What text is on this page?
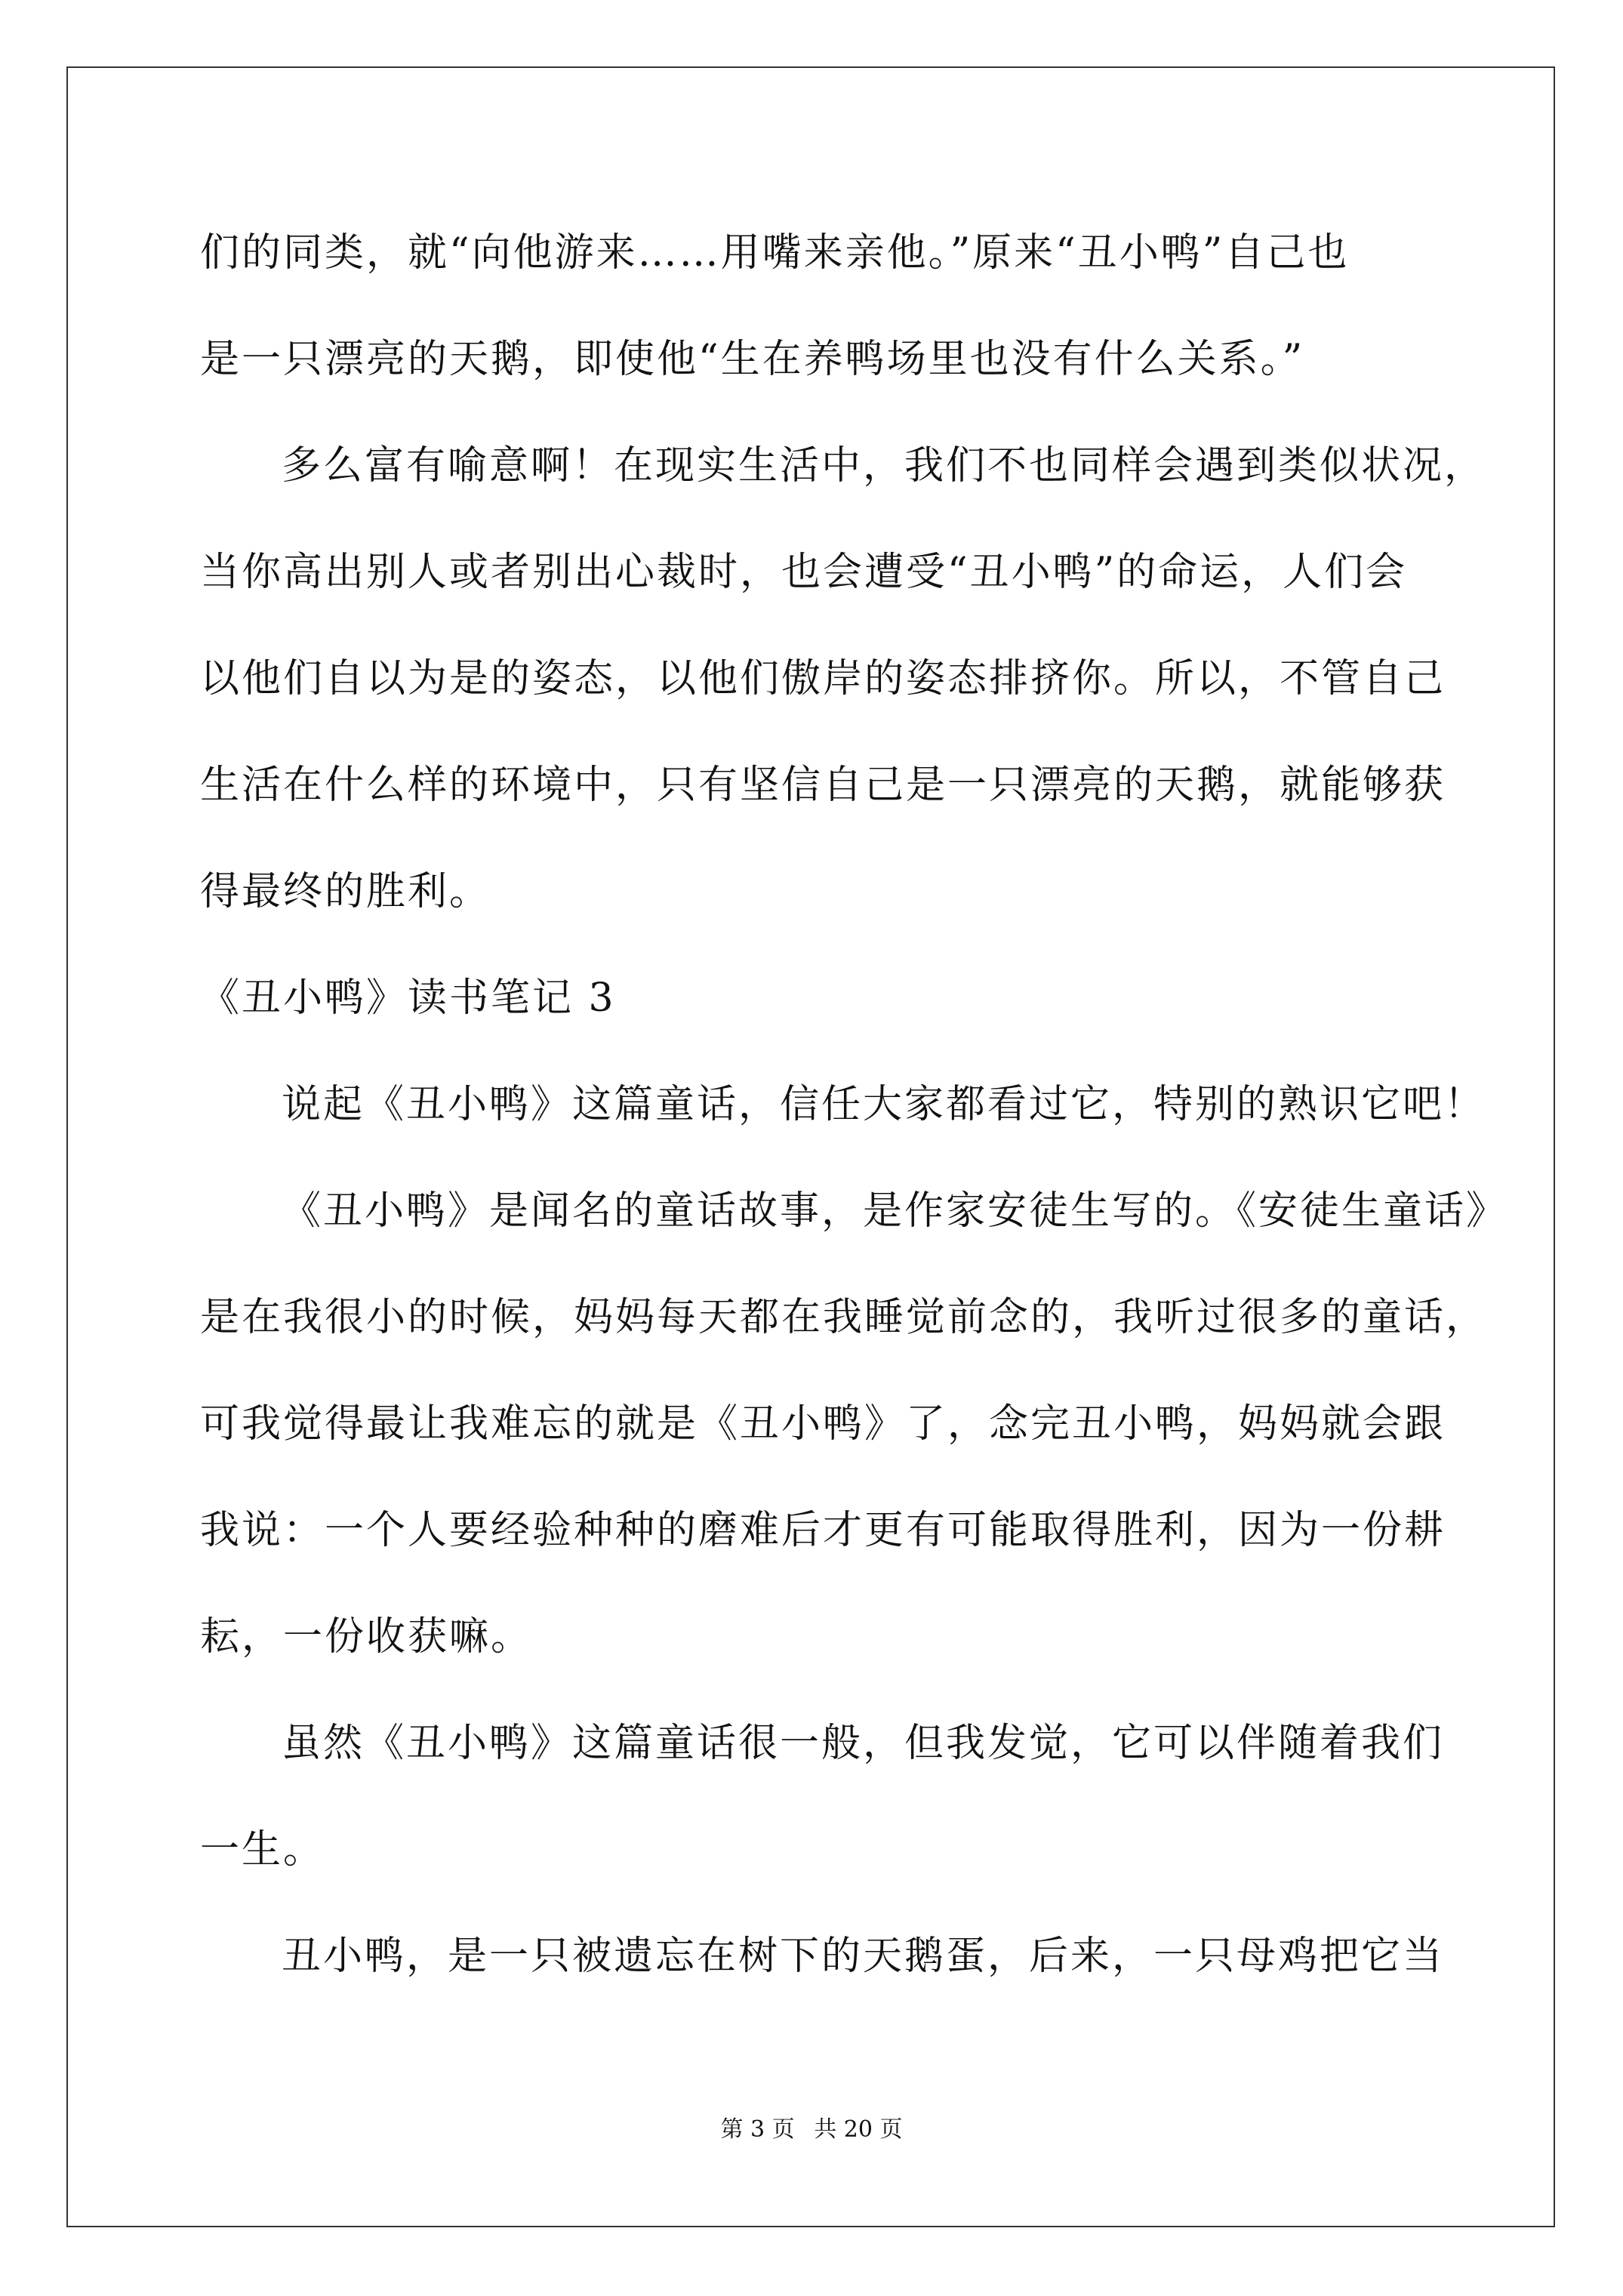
们的同类，就“向他游来……用嘴来亲他。”原来“丑小鸭”自己也
是一只漂亮的天鹅，即使他“生在养鸭场里也没有什么关系。”
多么富有喻意啊！在现实生活中，我们不也同样会遇到类似状况，
当你高出别人或者别出心裁时，也会遭受“丑小鸭”的命运，人们会
以他们自以为是的姿态，以他们傲岸的姿态排挤你。所以，不管自己
生活在什么样的环境中，只有坚信自己是一只漂亮的天鹅，就能够获
得最终的胜利。
《丑小鸭》读书笔记 3
说起《丑小鸭》这篇童话，信任大家都看过它，特别的熟识它吧！
《丑小鸭》是闻名的童话故事，是作家安徒生写的。《安徒生童话》
是在我很小的时候，妈妈每天都在我睡觉前念的，我听过很多的童话，
可我觉得最让我难忘的就是《丑小鸭》了，念完丑小鸭，妈妈就会跟
我说：一个人要经验种种的磨难后才更有可能取得胜利，因为一份耕
耘，一份收获嘛。
虽然《丑小鸭》这篇童话很一般，但我发觉，它可以伴随着我们
一生。
丑小鸭，是一只被遗忘在树下的天鹅蛋，后来，一只母鸡把它当
第 3 页 共 20 页
